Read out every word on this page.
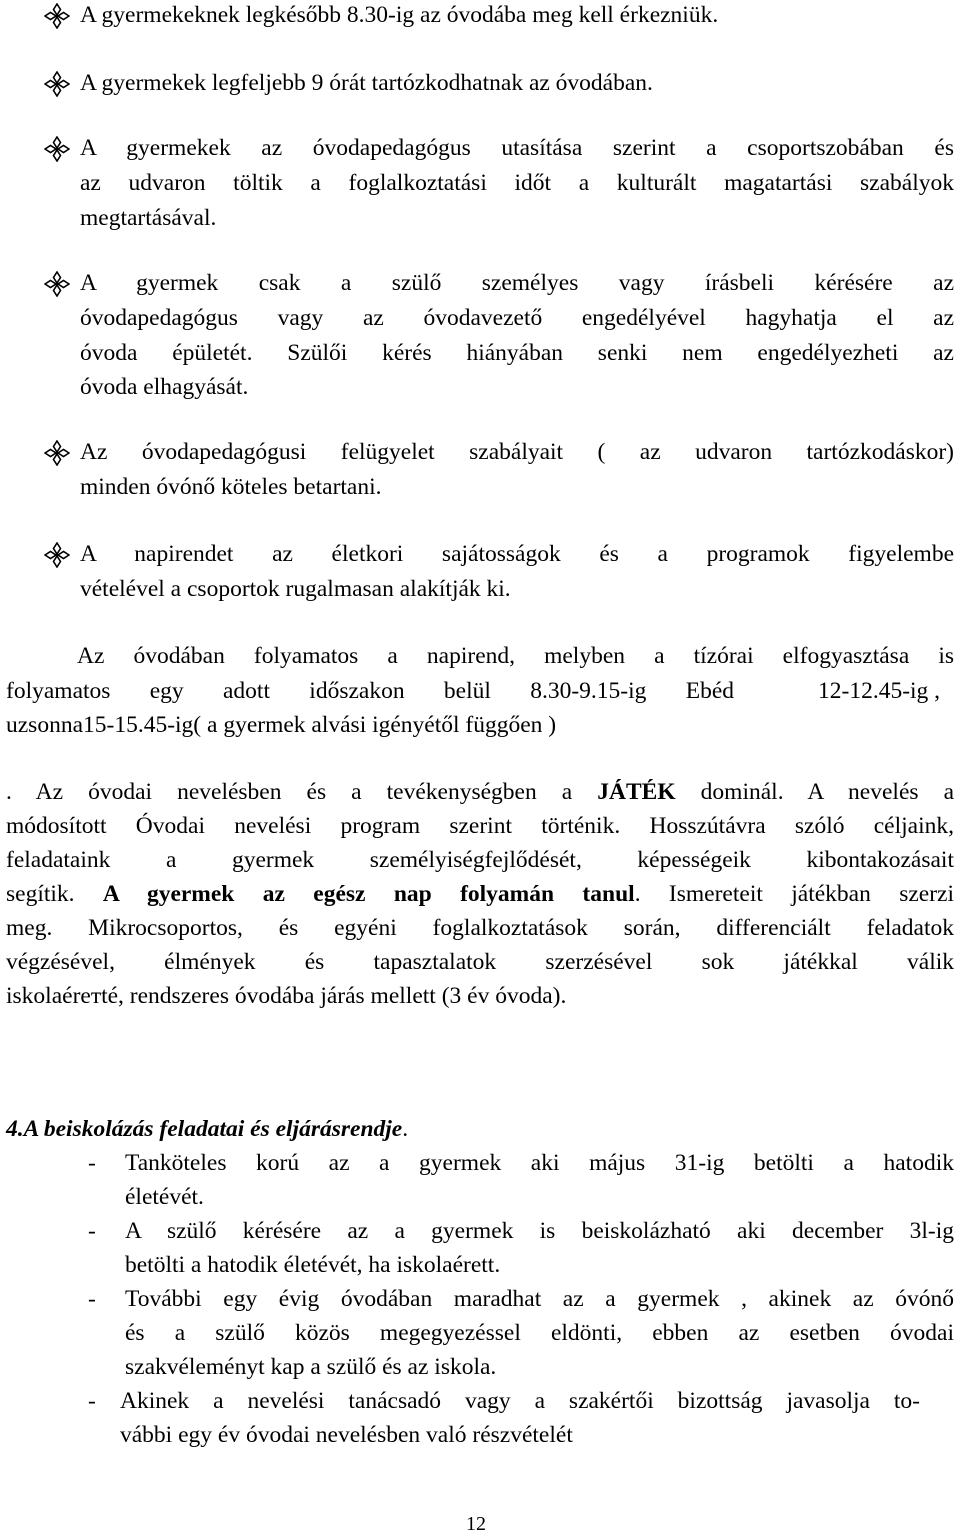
A gyermekeknek legkésőbb 8.30-ig az óvodába meg kell érkezniük.
A gyermekek legfeljebb 9 órát tartózkodhatnak az óvodában.
A gyermekek az óvodapedagógus utasítása szerint a csoportszobában és
az udvaron töltik a foglalkoztatási időt a kulturált magatartási szabályok
megtartásával.
A gyermek csak a szülő személyes vagy írásbeli kérésére az
óvodapedagógus vagy az óvodavezető engedélyével hagyhatja el az
óvoda épületét. Szülői kérés hiányában senki nem engedélyezheti az
óvoda elhagyását.
Az óvodapedagógusi felügyelet szabályait ( az udvaron tartózkodáskor)
minden óvónő köteles betartani.
A napirendet az életkori sajátosságok és a programok figyelembe
vételével a csoportok rugalmasan alakítják ki.
Az óvodában folyamatos a napirend, melyben a tízórai elfogyasztása is
folyamatos egy adott időszakon belül 8.30-9.15-ig Ebéd	12-12.45-ig ,
uzsonna15-15.45-ig( a gyermek alvási igényétől függően )
. Az óvodai nevelésben és a tevékenységben a JÁTÉK dominál. A nevelés a
módosított Óvodai nevelési program szerint történik. Hosszútávra szóló céljaink,
feladataink a gyermek személyiségfejlődését, képességeik kibontakozásait
segítik. A gyermek az egész nap folyamán tanul. Ismereteit játékban szerzi
meg. Mikrocsoportos, és egyéni foglalkoztatások során, differenciált feladatok
végzésével, élmények és tapasztalatok szerzésével sok játékkal válik
iskolaérетté, rendszeres óvodába járás mellett (3 év óvoda).
4.A beiskolázás feladatai és eljárásrendje.
- Tanköteles korú az a gyermek aki május 31-ig betölti a hatodik
életévét.
- A szülő kérésére az a gyermek is beiskolázható aki december 3l-ig
betölti a hatodik életévét, ha iskolaérett.
- További egy évig óvodában maradhat az a gyermek , akinek az óvónő
és a szülő közös megegyezéssel eldönti, ebben az esetben óvodai
szakvéleményt kap a szülő és az iskola.
- Akinek a nevelési tanácsadó vagy a szakértői bizottság javasolja to-
vábbi egy év óvodai nevelésben való részvételét
12
